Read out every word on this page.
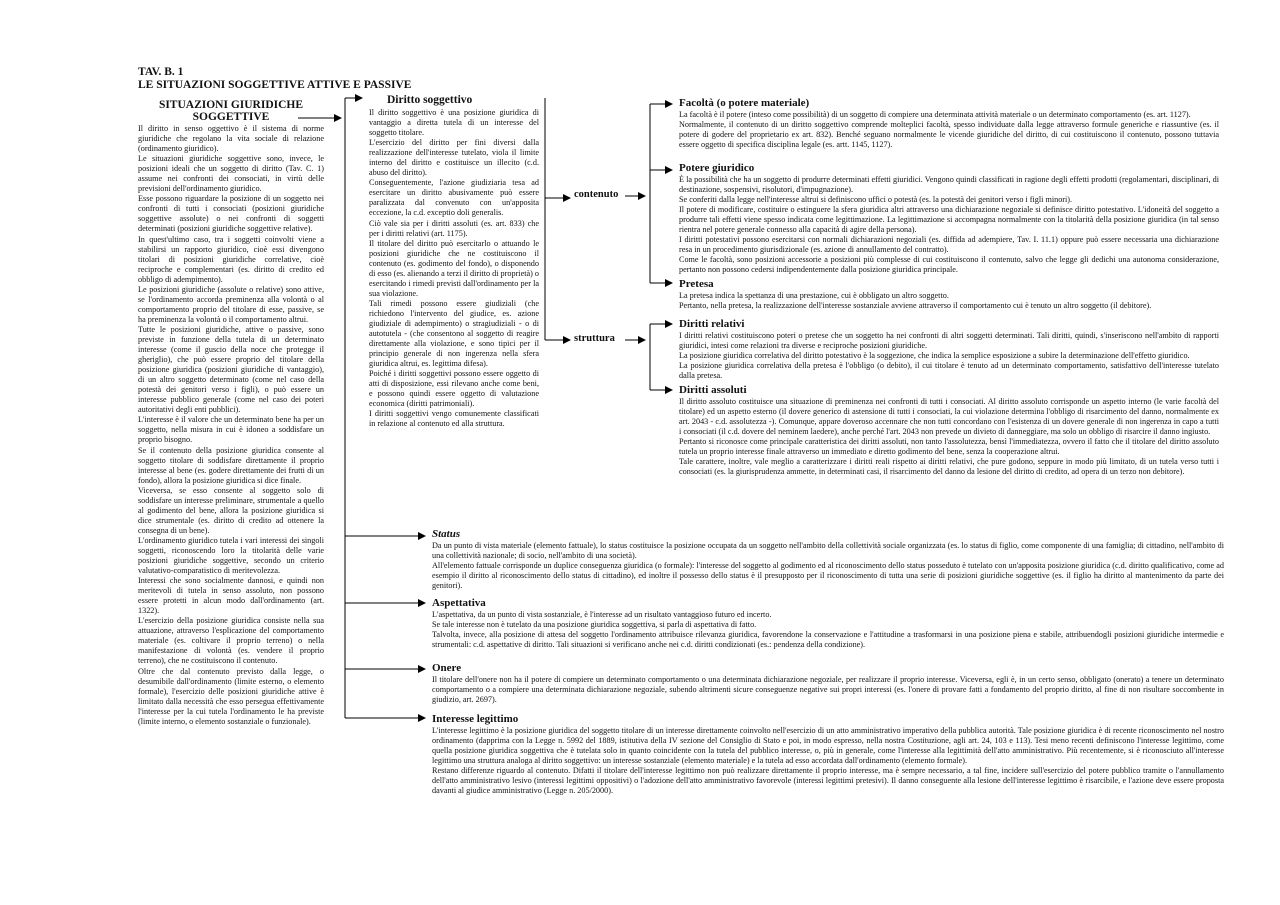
TAV. B. 1
LE SITUAZIONI SOGGETTIVE ATTIVE E PASSIVE
SITUAZIONI GIURIDICHE
SOGGETTIVE

Il diritto in senso oggettivo è il sistema di norme giuridiche che regolano la vita sociale di relazione (ordinamento giuridico).

Le situazioni giuridiche soggettive sono, invece, le posizioni ideali che un soggetto di diritto (Tav. C. 1) assume nei confronti dei consociati, in virtù delle previsioni dell'ordinamento giuridico.

Esse possono riguardare la posizione di un soggetto nei confronti di tutti i consociati (posizioni giuridiche soggettive assolute) o nei confronti di soggetti determinati (posizioni giuridiche soggettive relative).

In quest'ultimo caso, tra i soggetti coinvolti viene a stabilirsi un rapporto giuridico, cioè essi divengono titolari di posizioni giuridiche correlative, cioè reciproche e complementari (es. diritto di credito ed obbligo di adempimento).

Le posizioni giuridiche (assolute o relative) sono attive, se l'ordinamento accorda preminenza alla volontà o al comportamento proprio del titolare di esse, passive, se ha preminenza la volontà o il comportamento altrui.

Tutte le posizioni giuridiche, attive o passive, sono previste in funzione della tutela di un determinato interesse (come il guscio della noce che protegge il gheriglio), che può essere proprio del titolare della posizione giuridica (posizioni giuridiche di vantaggio), di un altro soggetto determinato (come nel caso della potestà dei genitori verso i figli), o può essere un interesse pubblico generale (come nel caso dei poteri autoritativi degli enti pubblici).

L'interesse è il valore che un determinato bene ha per un soggetto, nella misura in cui è idoneo a soddisfare un proprio bisogno.

Se il contenuto della posizione giuridica consente al soggetto titolare di soddisfare direttamente il proprio interesse al bene (es. godere direttamente dei frutti di un fondo), allora la posizione giuridica si dice finale.

Viceversa, se esso consente al soggetto solo di soddisfare un interesse preliminare, strumentale a quello al godimento del bene, allora la posizione giuridica si dice strumentale (es. diritto di credito ad ottenere la consegna di un bene).

L'ordinamento giuridico tutela i vari interessi dei singoli soggetti, riconoscendo loro la titolarità delle varie posizioni giuridiche soggettive, secondo un criterio valutativo-comparatistico di meritevolezza.

Interessi che sono socialmente dannosi, e quindi non meritevoli di tutela in senso assoluto, non possono essere protetti in alcun modo dall'ordinamento (art. 1322).

L'esercizio della posizione giuridica consiste nella sua attuazione, attraverso l'esplicazione del comportamento materiale (es. coltivare il proprio terreno) o nella manifestazione di volontà (es. vendere il proprio terreno), che ne costituiscono il contenuto.

Oltre che dal contenuto previsto dalla legge, o desumibile dall'ordinamento (limite esterno, o elemento formale), l'esercizio delle posizioni giuridiche attive è limitato dalla necessità che esso persegua effettivamente l'interesse per la cui tutela l'ordinamento le ha previste (limite interno, o elemento sostanziale o funzionale).

Diritto soggettivo

Il diritto soggettivo è una posizione giuridica di vantaggio a diretta tutela di un interesse del soggetto titolare.

L'esercizio del diritto per fini diversi dalla realizzazione dell'interesse tutelato, viola il limite interno del diritto e costituisce un illecito (c.d. abuso del diritto).

Conseguentemente, l'azione giudiziaria tesa ad esercitare un diritto abusivamente può essere paralizzata dal convenuto con un'apposita eccezione, la c.d. exceptio doli generalis.

Ciò vale sia per i diritti assoluti (es. art. 833) che per i diritti relativi (art. 1175).

Il titolare del diritto può esercitarlo o attuando le posizioni giuridiche che ne costituiscono il contenuto (es. godimento del fondo), o disponendo di esso (es. alienando a terzi il diritto di proprietà) o esercitando i rimedi previsti dall'ordinamento per la sua violazione.

Tali rimedi possono essere giudiziali (che richiedono l'intervento del giudice, es. azione giudiziale di adempimento) o stragiudiziali - o di autotutela - (che consentono al soggetto di reagire direttamente alla violazione, e sono tipici per il principio generale di non ingerenza nella sfera giuridica altrui, es. legittima difesa).

Poiché i diritti soggettivi possono essere oggetto di atti di disposizione, essi rilevano anche come beni, e possono quindi essere oggetto di valutazione economica (diritti patrimoniali).

I diritti soggettivi vengo comunemente classificati in relazione al contenuto ed alla struttura.

contenuto
struttura

Facoltà (o potere materiale)

La facoltà è il potere (inteso come possibilità) di un soggetto di compiere una determinata attività materiale o un determinato comportamento (es. art. 1127).

Normalmente, il contenuto di un diritto soggettivo comprende molteplici facoltà, spesso individuate dalla legge attraverso formule generiche e riassuntive (es. il potere di godere del proprietario ex art. 832). Benché seguano normalmente le vicende giuridiche del diritto, di cui costituiscono il contenuto, possono tuttavia essere oggetto di specifica disciplina legale (es. artt. 1145, 1127).

Potere giuridico

È la possibilità che ha un soggetto di produrre determinati effetti giuridici. Vengono quindi classificati in ragione degli effetti prodotti (regolamentari, disciplinari, di destinazione, sospensivi, risolutori, d'impugnazione).

Se conferiti dalla legge nell'interesse altrui si definiscono uffici o potestà (es. la potestà dei genitori verso i figli minori).

Il potere di modificare, costituire o estinguere la sfera giuridica altri attraverso una dichiarazione negoziale si definisce diritto potestativo. L'idoneità del soggetto a produrre tali effetti viene spesso indicata come legittimazione. La legittimazione si accompagna normalmente con la titolarità della posizione giuridica (in tal senso rientra nel potere generale connesso alla capacità di agire della persona).

I diritti potestativi possono esercitarsi con normali dichiarazioni negoziali (es. diffida ad adempiere, Tav. I. 11.1) oppure può essere necessaria una dichiarazione resa in un procedimento giurisdizionale (es. azione di annullamento del contratto).

Come le facoltà, sono posizioni accessorie a posizioni più complesse di cui costituiscono il contenuto, salvo che legge gli dedichi una autonoma considerazione, pertanto non possono cedersi indipendentemente dalla posizione giuridica principale.

Pretesa

La pretesa indica la spettanza di una prestazione, cui è obbligato un altro soggetto.

Pertanto, nella pretesa, la realizzazione dell'interesse sostanziale avviene attraverso il comportamento cui è tenuto un altro soggetto (il debitore).

Diritti relativi

I diritti relativi costituiscono poteri o pretese che un soggetto ha nei confronti di altri soggetti determinati. Tali diritti, quindi, s'inseriscono nell'ambito di rapporti giuridici, intesi come relazioni tra diverse e reciproche posizioni giuridiche.

La posizione giuridica correlativa del diritto potestativo è la soggezione, che indica la semplice esposizione a subire la determinazione dell'effetto giuridico.

La posizione giuridica correlativa della pretesa è l'obbligo (o debito), il cui titolare è tenuto ad un determinato comportamento, satisfattivo dell'interesse tutelato dalla pretesa.

Diritti assoluti

Il diritto assoluto costituisce una situazione di preminenza nei confronti di tutti i consociati. Al diritto assoluto corrisponde un aspetto interno (le varie facoltà del titolare) ed un aspetto esterno (il dovere generico di astensione di tutti i consociati, la cui violazione determina l'obbligo di risarcimento del danno, normalmente ex art. 2043 - c.d. assolutezza -). Comunque, appare doveroso accennare che non tutti concordano con l'esistenza di un dovere generale di non ingerenza in capo a tutti i consociati (il c.d. dovere del neminem laedere), anche perché l'art. 2043 non prevede un divieto di danneggiare, ma solo un obbligo di risarcire il danno ingiusto.

Pertanto si riconosce come principale caratteristica dei diritti assoluti, non tanto l'assolutezza, bensì l'immediatezza, ovvero il fatto che il titolare del diritto assoluto tutela un proprio interesse finale attraverso un immediato e diretto godimento del bene, senza la cooperazione altrui.

Tale carattere, inoltre, vale meglio a caratterizzare i diritti reali rispetto ai diritti relativi, che pure godono, seppure in modo più limitato, di un tutela verso tutti i consociati (es. la giurisprudenza ammette, in determinati casi, il risarcimento del danno da lesione del diritto di credito, ad opera di un terzo non debitore).

Status

Da un punto di vista materiale (elemento fattuale), lo status costituisce la posizione occupata da un soggetto nell'ambito della collettività sociale organizzata (es. lo status di figlio, come componente di una famiglia; di cittadino, nell'ambito di una collettività nazionale; di socio, nell'ambito di una società).

All'elemento fattuale corrisponde un duplice conseguenza giuridica (o formale): l'interesse del soggetto al godimento ed al riconoscimento dello status posseduto è tutelato con un'apposita posizione giuridica (c.d. diritto qualificativo, come ad esempio il diritto al riconoscimento dello status di cittadino), ed inoltre il possesso dello status è il presupposto per il riconoscimento di tutta una serie di posizioni giuridiche soggettive (es. il figlio ha diritto al mantenimento da parte dei genitori).

Aspettativa

L'aspettativa, da un punto di vista sostanziale, è l'interesse ad un risultato vantaggioso futuro ed incerto.

Se tale interesse non è tutelato da una posizione giuridica soggettiva, si parla di aspettativa di fatto.

Talvolta, invece, alla posizione di attesa del soggetto l'ordinamento attribuisce rilevanza giuridica, favorendone la conservazione e l'attitudine a trasformarsi in una posizione piena e stabile, attribuendogli posizioni giuridiche intermedie e strumentali: c.d. aspettative di diritto. Tali situazioni si verificano anche nei c.d. diritti condizionati (es.: pendenza della condizione).

Onere

Il titolare dell'onere non ha il potere di compiere un determinato comportamento o una determinata dichiarazione negoziale, per realizzare il proprio interesse. Viceversa, egli è, in un certo senso, obbligato (onerato) a tenere un determinato comportamento o a compiere una determinata dichiarazione negoziale, subendo altrimenti sicure conseguenze negative sui propri interessi (es. l'onere di provare fatti a fondamento del proprio diritto, al fine di non risultare soccombente in giudizio, art. 2697).

Interesse legittimo

L'interesse legittimo è la posizione giuridica del soggetto titolare di un interesse direttamente coinvolto nell'esercizio di un atto amministrativo imperativo della pubblica autorità. Tale posizione giuridica è di recente riconoscimento nel nostro ordinamento (dapprima con la Legge n. 5992 del 1889, istitutiva della IV sezione del Consiglio di Stato e poi, in modo espresso, nella nostra Costituzione, agli art. 24, 103 e 113). Tesi meno recenti definiscono l'interesse legittimo, come quella posizione giuridica soggettiva che è tutelata solo in quanto coincidente con la tutela del pubblico interesse, o, più in generale, come l'interesse alla legittimità dell'atto amministrativo. Più recentemente, si è riconosciuto all'interesse legittimo una struttura analoga al diritto soggettivo: un interesse sostanziale (elemento materiale) e la tutela ad esso accordata dall'ordinamento (elemento formale).

Restano differenze riguardo al contenuto. Difatti il titolare dell'interesse legittimo non può realizzare direttamente il proprio interesse, ma è sempre necessario, a tal fine, incidere sull'esercizio del potere pubblico tramite o l'annullamento dell'atto amministrativo lesivo (interessi legittimi oppositivi) o l'adozione dell'atto amministrativo favorevole (interessi legittimi pretesivi). Il danno conseguente alla lesione dell'interesse legittimo è risarcibile, e l'azione deve essere proposta davanti al giudice amministrativo (Legge n. 205/2000).
